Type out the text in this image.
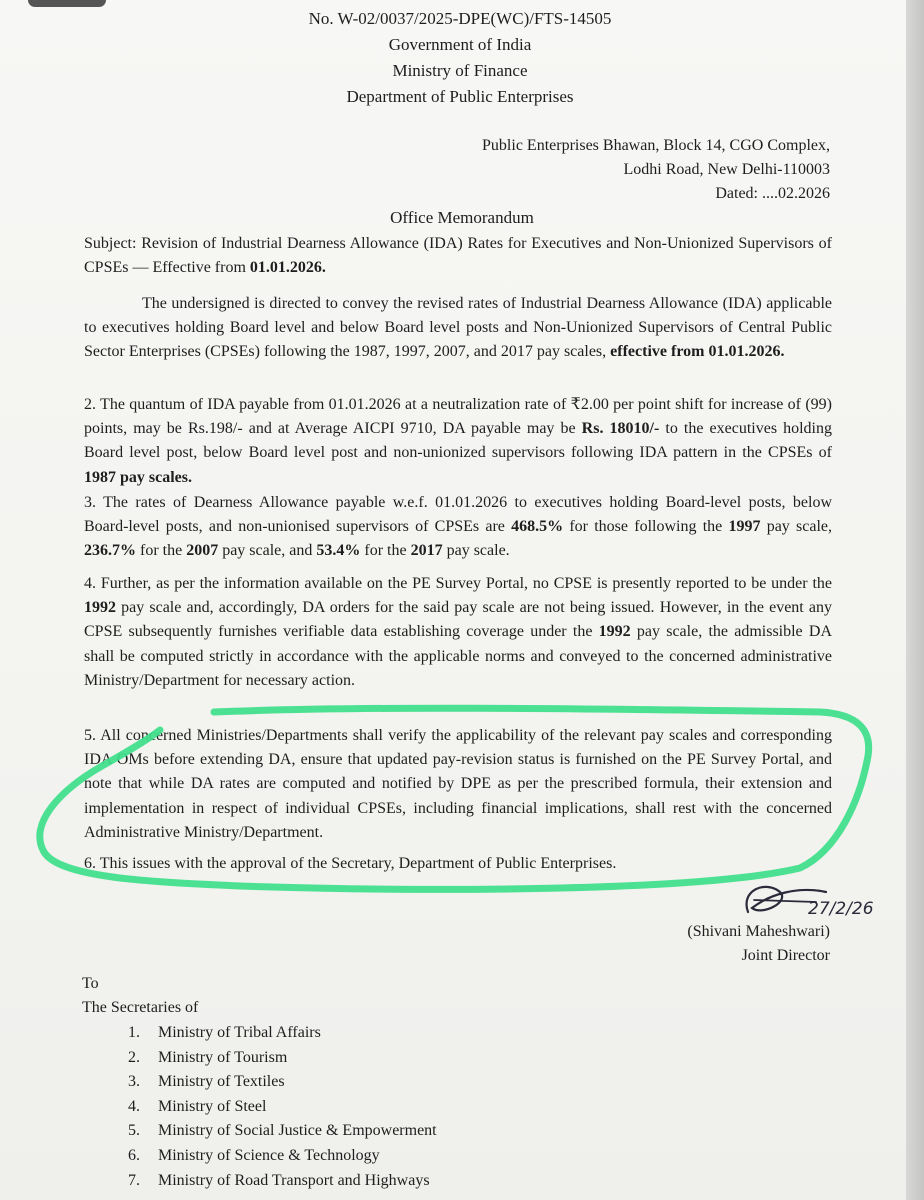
No. W-02/0037/2025-DPE(WC)/FTS-14505
Government of India
Ministry of Finance
Department of Public Enterprises
Public Enterprises Bhawan, Block 14, CGO Complex,
Lodhi Road, New Delhi-110003
Dated: ....02.2026
Office Memorandum
Subject: Revision of Industrial Dearness Allowance (IDA) Rates for Executives and Non-Unionized Supervisors of CPSEs — Effective from 01.01.2026.
The undersigned is directed to convey the revised rates of Industrial Dearness Allowance (IDA) applicable to executives holding Board level and below Board level posts and Non-Unionized Supervisors of Central Public Sector Enterprises (CPSEs) following the 1987, 1997, 2007, and 2017 pay scales, effective from 01.01.2026.
2. The quantum of IDA payable from 01.01.2026 at a neutralization rate of ₹2.00 per point shift for increase of (99) points, may be Rs.198/- and at Average AICPI 9710, DA payable may be Rs. 18010/- to the executives holding Board level post, below Board level post and non-unionized supervisors following IDA pattern in the CPSEs of 1987 pay scales.
3. The rates of Dearness Allowance payable w.e.f. 01.01.2026 to executives holding Board-level posts, below Board-level posts, and non-unionised supervisors of CPSEs are 468.5% for those following the 1997 pay scale, 236.7% for the 2007 pay scale, and 53.4% for the 2017 pay scale.
4. Further, as per the information available on the PE Survey Portal, no CPSE is presently reported to be under the 1992 pay scale and, accordingly, DA orders for the said pay scale are not being issued. However, in the event any CPSE subsequently furnishes verifiable data establishing coverage under the 1992 pay scale, the admissible DA shall be computed strictly in accordance with the applicable norms and conveyed to the concerned administrative Ministry/Department for necessary action.
5. All concerned Ministries/Departments shall verify the applicability of the relevant pay scales and corresponding IDA OMs before extending DA, ensure that updated pay-revision status is furnished on the PE Survey Portal, and note that while DA rates are computed and notified by DPE as per the prescribed formula, their extension and implementation in respect of individual CPSEs, including financial implications, shall rest with the concerned Administrative Ministry/Department.
6. This issues with the approval of the Secretary, Department of Public Enterprises.
27/2/26
(Shivani Maheshwari)
Joint Director
To
The Secretaries of
1.	Ministry of Tribal Affairs
2.	Ministry of Tourism
3.	Ministry of Textiles
4.	Ministry of Steel
5.	Ministry of Social Justice & Empowerment
6.	Ministry of Science & Technology
7.	Ministry of Road Transport and Highways
